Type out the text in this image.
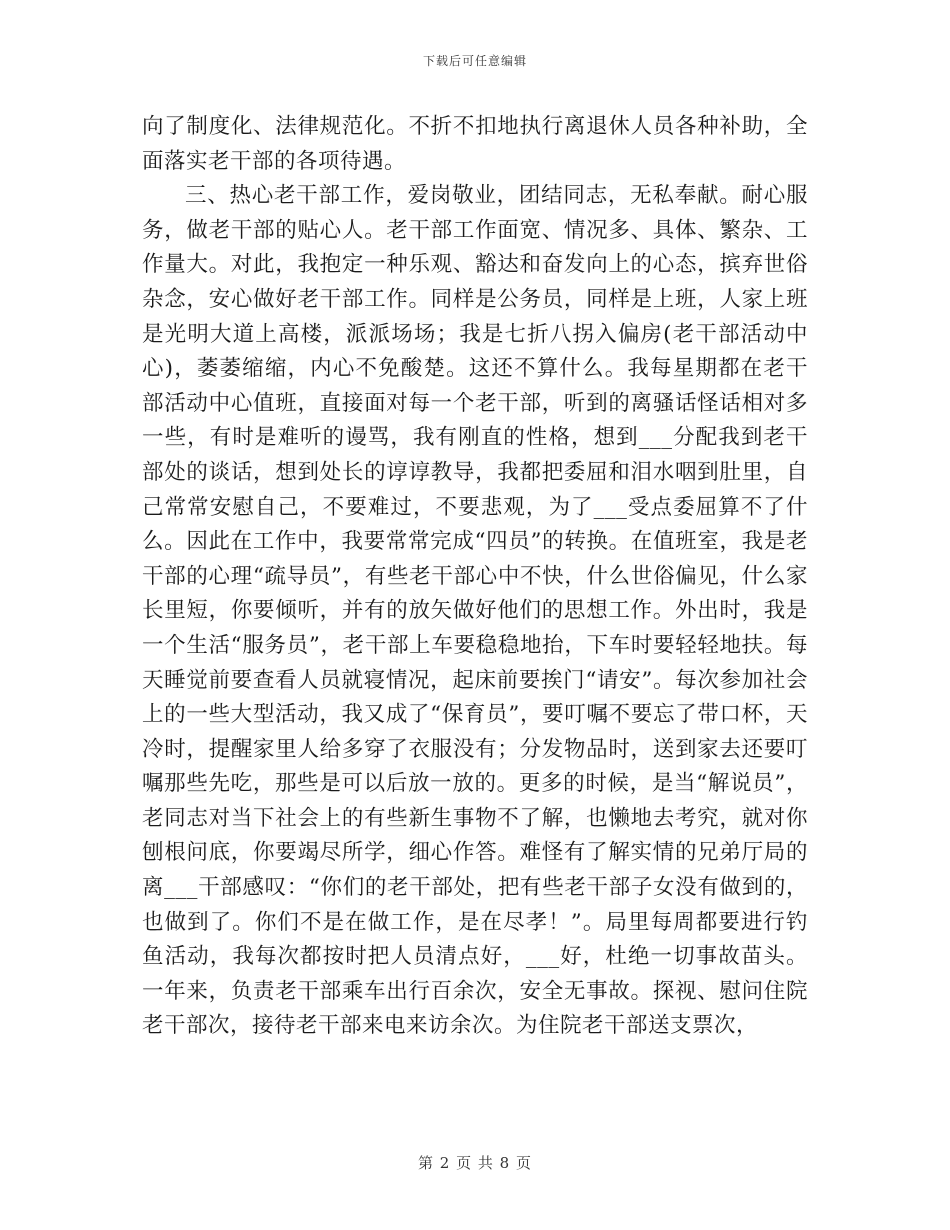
下载后可任意编辑

向了制度化、法律规范化。不折不扣地执行离退休人员各种补助，全面落实老干部的各项待遇。

三、热心老干部工作，爱岗敬业，团结同志，无私奉献。耐心服务，做老干部的贴心人。老干部工作面宽、情况多、具体、繁杂、工作量大。对此，我抱定一种乐观、豁达和奋发向上的心态，摈弃世俗杂念，安心做好老干部工作。同样是公务员，同样是上班，人家上班是光明大道上高楼，派派场场；我是七折八拐入偏房(老干部活动中心)，萎萎缩缩，内心不免酸楚。这还不算什么。我每星期都在老干部活动中心值班，直接面对每一个老干部，听到的离骚话怪话相对多一些，有时是难听的谩骂，我有刚直的性格，想到___分配我到老干部处的谈话，想到处长的谆谆教导，我都把委屈和泪水咽到肚里，自己常常安慰自己，不要难过，不要悲观，为了___受点委屈算不了什么。因此在工作中，我要常常完成“四员”的转换。在值班室，我是老干部的心理“疏导员”，有些老干部心中不快，什么世俗偏见，什么家长里短，你要倾听，并有的放矢做好他们的思想工作。外出时，我是一个生活“服务员”，老干部上车要稳稳地抬，下车时要轻轻地扶。每天睡觉前要查看人员就寝情况，起床前要挨门“请安”。每次参加社会上的一些大型活动，我又成了“保育员”，要叮嘱不要忘了带口杯，天冷时，提醒家里人给多穿了衣服没有；分发物品时，送到家去还要叮嘱那些先吃，那些是可以后放一放的。更多的时候，是当“解说员”，老同志对当下社会上的有些新生事物不了解，也懒地去考究，就对你刨根问底，你要竭尽所学，细心作答。难怪有了解实情的兄弟厅局的离___干部感叹：“你们的老干部处，把有些老干部子女没有做到的，也做到了。你们不是在做工作，是在尽孝！”。局里每周都要进行钓鱼活动，我每次都按时把人员清点好，___好，杜绝一切事故苗头。一年来，负责老干部乘车出行百余次，安全无事故。探视、慰问住院老干部次，接待老干部来电来访余次。为住院老干部送支票次，

第 2 页 共 8 页
